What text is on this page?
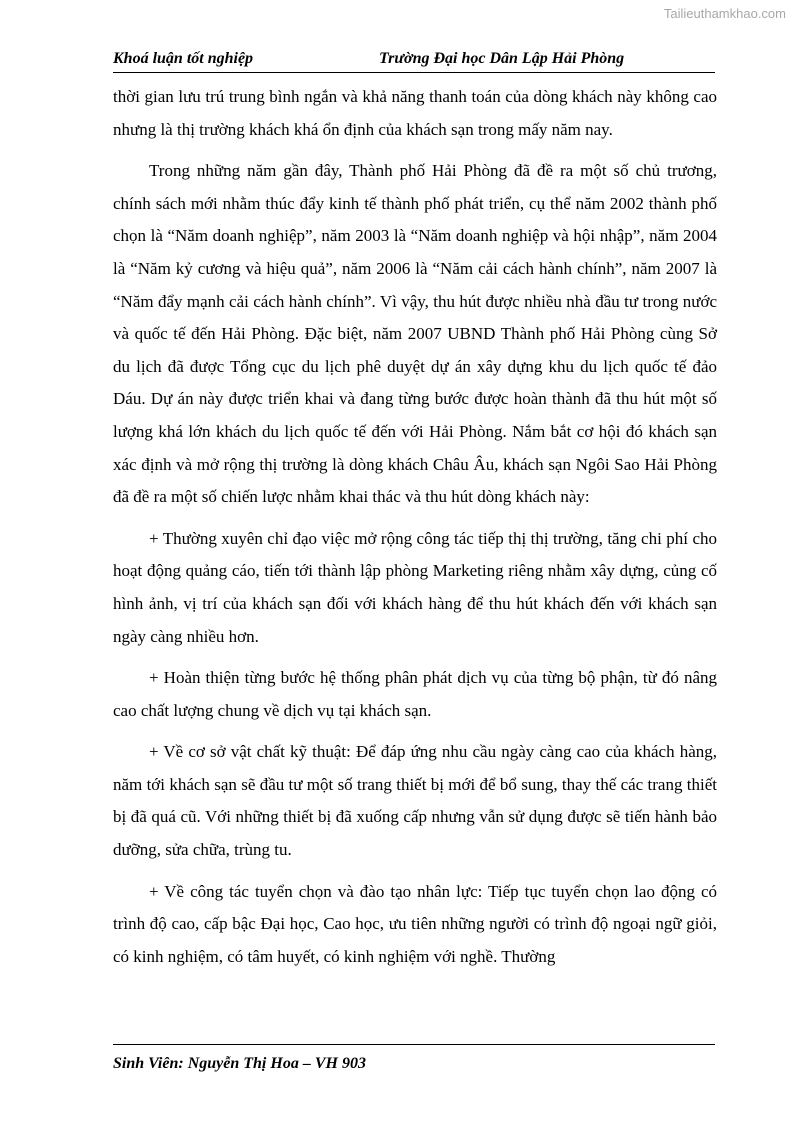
Tailieuthamkhao.com
Khoá luận tốt nghiệp	Trường Đại học Dân Lập Hải Phòng

thời gian lưu trú trung bình ngắn và khả năng thanh toán của dòng khách này không cao nhưng là thị trường khách khá ổn định của khách sạn trong mấy năm nay.

Trong những năm gần đây, Thành phố Hải Phòng đã đề ra một số chủ trương, chính sách mới nhằm thúc đẩy kinh tế thành phố phát triển, cụ thể năm 2002 thành phố chọn là “Năm doanh nghiệp”, năm 2003 là “Năm doanh nghiệp và hội nhập”, năm 2004 là “Năm kỷ cương và hiệu quả”, năm 2006 là “Năm cải cách hành chính”, năm 2007 là “Năm đẩy mạnh cải cách hành chính”. Vì vậy, thu hút được nhiều nhà đầu tư trong nước và quốc tế đến Hải Phòng. Đặc biệt, năm 2007 UBND Thành phố Hải Phòng cùng Sở du lịch đã được Tổng cục du lịch phê duyệt dự án xây dựng khu du lịch quốc tế đảo Dáu. Dự án này được triển khai và đang từng bước được hoàn thành đã thu hút một số lượng khá lớn khách du lịch quốc tế đến với Hải Phòng. Nắm bắt cơ hội đó khách sạn xác định và mở rộng thị trường là dòng khách Châu Âu, khách sạn Ngôi Sao Hải Phòng đã đề ra một số chiến lược nhằm khai thác và thu hút dòng khách này:

+ Thường xuyên chỉ đạo việc mở rộng công tác tiếp thị thị trường, tăng chi phí cho hoạt động quảng cáo, tiến tới thành lập phòng Marketing riêng nhằm xây dựng, củng cố hình ảnh, vị trí của khách sạn đối với khách hàng để thu hút khách đến với khách sạn ngày càng nhiều hơn.

+ Hoàn thiện từng bước hệ thống phân phát dịch vụ của từng bộ phận, từ đó nâng cao chất lượng chung về dịch vụ tại khách sạn.

+ Về cơ sở vật chất kỹ thuật: Để đáp ứng nhu cầu ngày càng cao của khách hàng, năm tới khách sạn sẽ đầu tư một số trang thiết bị mới để bổ sung, thay thế các trang thiết bị đã quá cũ. Với những thiết bị đã xuống cấp nhưng vẫn sử dụng được sẽ tiến hành bảo dưỡng, sửa chữa, trùng tu.

+ Về công tác tuyển chọn và đào tạo nhân lực: Tiếp tục tuyển chọn lao động có trình độ cao, cấp bậc Đại học, Cao học, ưu tiên những người có trình độ ngoại ngữ giỏi, có kinh nghiệm, có tâm huyết, có kinh nghiệm với nghề. Thường

Sinh Viên: Nguyễn Thị Hoa – VH 903
